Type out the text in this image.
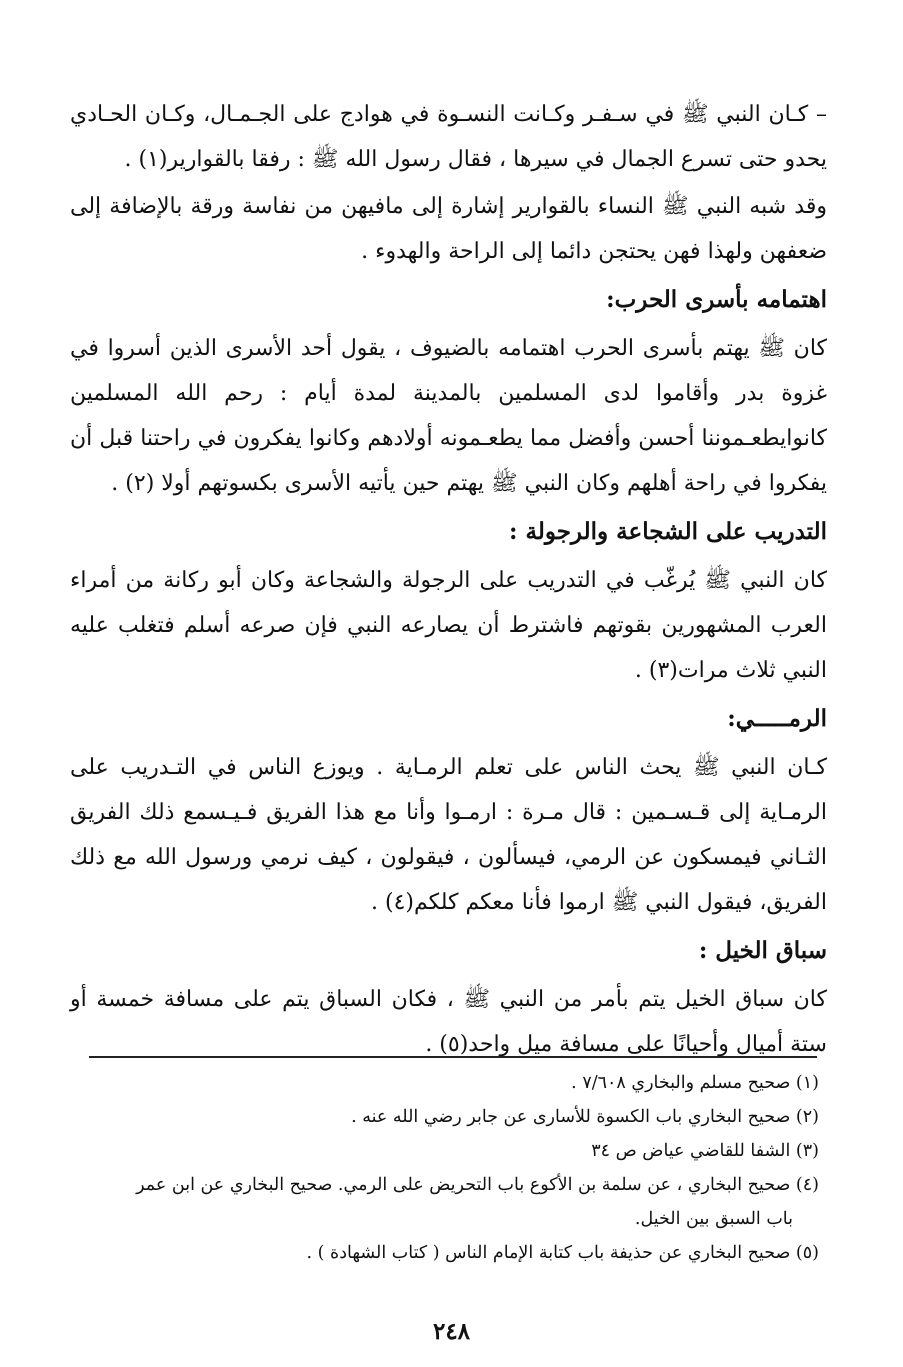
– كـان النبي ﷺ في سـفـر وكـانت النسـوة في هوادج على الجـمـال، وكـان الحـادي يحدو حتى تسرع الجمال في سيرها ، فقال رسول الله ﷺ : رفقا بالقوارير(١) .

وقد شبه النبي ﷺ النساء بالقوارير إشارة إلى مافيهن من نفاسة ورقة بالإضافة إلى ضعفهن ولهذا فهن يحتجن دائما إلى الراحة والهدوء .

اهتمامه بأسرى الحرب:

كان ﷺ يهتم بأسرى الحرب اهتمامه بالضيوف ، يقول أحد الأسرى الذين أسروا في غزوة بدر وأقاموا لدى المسلمين بالمدينة لمدة أيام : رحم الله المسلمين كانوايطعـموننا أحسن وأفضل مما يطعـمونه أولادهم وكانوا يفكرون في راحتنا قبل أن يفكروا في راحة أهلهم وكان النبي ﷺ يهتم حين يأتيه الأسرى بكسوتهم أولا (٢) .

التدريب على الشجاعة والرجولة :

كان النبي ﷺ يُرغّب في التدريب على الرجولة والشجاعة وكان أبو ركانة من أمراء العرب المشهورين بقوتهم فاشترط أن يصارعه النبي فإن صرعه أسلم فتغلب عليه النبي ثلاث مرات(٣) .

الرمـــــي:

كـان النبي ﷺ يحث الناس على تعلم الرمـاية . ويوزع الناس في التـدريب على الرمـاية إلى قـسـمين : قال مـرة : ارمـوا وأنا مع هذا الفريق فـيـسمع ذلك الفريق الثـاني فيمسكون عن الرمي، فيسألون ، فيقولون ، كيف نرمي ورسول الله مع ذلك الفريق، فيقول النبي ﷺ ارموا فأنا معكم كلكم(٤) .

سباق الخيل :

كان سباق الخيل يتم بأمر من النبي ﷺ ، فكان السباق يتم على مسافة خمسة أو ستة أميال وأحيانًا على مسافة ميل واحد(٥) .

(١) صحيح مسلم والبخاري ٧/٦٠٨ .

(٢) صحيح البخاري باب الكسوة للأسارى عن جابر رضي الله عنه .

(٣) الشفا للقاضي عياض ص ٣٤

(٤) صحيح البخاري ، عن سلمة بن الأكوع باب التحريض على الرمي. صحيح البخاري عن ابن عمر

باب السبق بين الخيل.

(٥) صحيح البخاري عن حذيفة باب كتابة الإمام الناس ( كتاب الشهادة ) .

٢٤٨
